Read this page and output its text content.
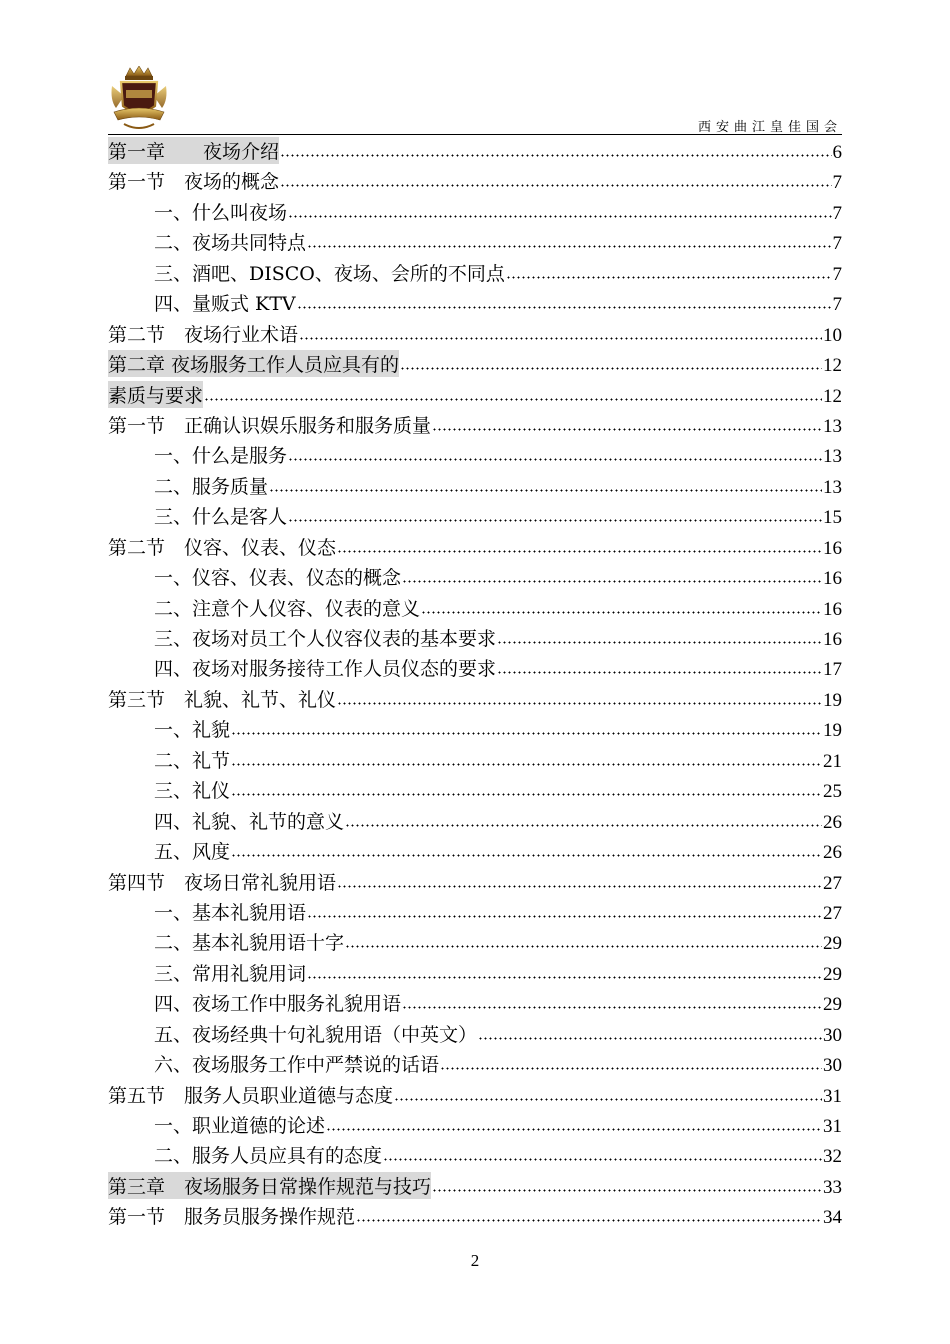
西安曲江皇佳国会
第一章　　夜场介绍	6
第一节　夜场的概念	7
一、什么叫夜场	7
二、夜场共同特点	7
三、酒吧、DISCO、夜场、会所的不同点	7
四、量贩式 KTV	7
第二节　夜场行业术语	10
第二章 夜场服务工作人员应具有的	12
素质与要求	12
第一节　正确认识娱乐服务和服务质量	13
一、什么是服务	13
二、服务质量	13
三、什么是客人	15
第二节　仪容、仪表、仪态	16
一、仪容、仪表、仪态的概念	16
二、注意个人仪容、仪表的意义	16
三、夜场对员工个人仪容仪表的基本要求	16
四、夜场对服务接待工作人员仪态的要求	17
第三节　礼貌、礼节、礼仪	19
一、礼貌	19
二、礼节	21
三、礼仪	25
四、礼貌、礼节的意义	26
五、风度	26
第四节　夜场日常礼貌用语	27
一、基本礼貌用语	27
二、基本礼貌用语十字	29
三、常用礼貌用词	29
四、夜场工作中服务礼貌用语	29
五、夜场经典十句礼貌用语（中英文）	30
六、夜场服务工作中严禁说的话语	30
第五节　服务人员职业道德与态度	31
一、职业道德的论述	31
二、服务人员应具有的态度	32
第三章　夜场服务日常操作规范与技巧	33
第一节　服务员服务操作规范	34
2
